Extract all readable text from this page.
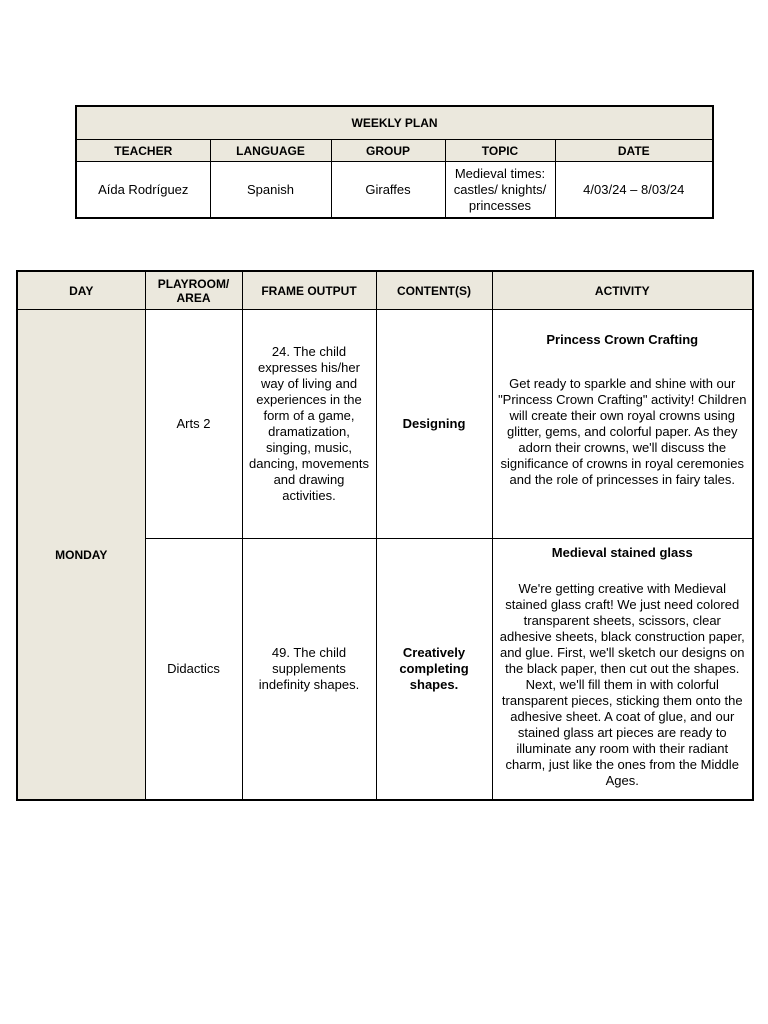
WEEKLY PLAN				
TEACHER	LANGUAGE	GROUP	TOPIC	DATE
Aída Rodríguez	Spanish	Giraffes	Medieval times: castles/ knights/ princesses	4/03/24 – 8/03/24
DAY	PLAYROOM/ AREA	FRAME OUTPUT	CONTENT(S)	ACTIVITY
MONDAY	Arts 2	24. The child expresses his/her way of living and experiences in the form of a game, dramatization, singing, music, dancing, movements and drawing activities.	Designing	Princess Crown Crafting
Get ready to sparkle and shine with our "Princess Crown Crafting" activity! Children will create their own royal crowns using glitter, gems, and colorful paper. As they adorn their crowns, we'll discuss the significance of crowns in royal ceremonies and the role of princesses in fairy tales.

	Didactics	49. The child supplements indefinity shapes.	Creatively completing shapes.	Medieval stained glass
We're getting creative with Medieval stained glass craft! We just need colored transparent sheets, scissors, clear adhesive sheets, black construction paper, and glue. First, we'll sketch our designs on the black paper, then cut out the shapes. Next, we'll fill them in with colorful transparent pieces, sticking them onto the adhesive sheet. A coat of glue, and our stained glass art pieces are ready to illuminate any room with their radiant charm, just like the ones from the Middle Ages.
